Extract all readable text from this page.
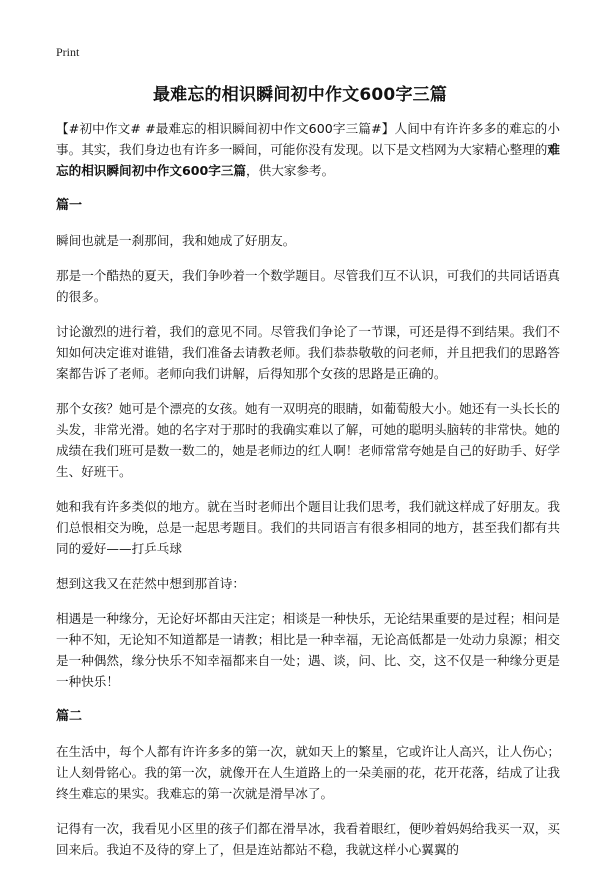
Print
最难忘的相识瞬间初中作文600字三篇

【#初中作文# #最难忘的相识瞬间初中作文600字三篇#】人间中有许许多多的难忘的小事。其实，我们身边也有许多一瞬间，可能你没有发现。以下是文档网为大家精心整理的难忘的相识瞬间初中作文600字三篇，供大家参考。

篇一

瞬间也就是一刹那间，我和她成了好朋友。

那是一个酷热的夏天，我们争吵着一个数学题目。尽管我们互不认识，可我们的共同话语真的很多。

讨论激烈的进行着，我们的意见不同。尽管我们争论了一节课，可还是得不到结果。我们不知如何决定谁对谁错，我们准备去请教老师。我们恭恭敬敬的问老师，并且把我们的思路答案都告诉了老师。老师向我们讲解，后得知那个女孩的思路是正确的。

那个女孩？她可是个漂亮的女孩。她有一双明亮的眼睛，如葡萄般大小。她还有一头长长的头发，非常光滑。她的名字对于那时的我确实难以了解，可她的聪明头脑转的非常快。她的成绩在我们班可是数一数二的，她是老师边的红人啊！老师常常夸她是自己的好助手、好学生、好班干。

她和我有许多类似的地方。就在当时老师出个题目让我们思考，我们就这样成了好朋友。我们总恨相交为晚，总是一起思考题目。我们的共同语言有很多相同的地方，甚至我们都有共同的爱好——打乒乓球

想到这我又在茫然中想到那首诗：

相遇是一种缘分，无论好坏都由天注定；相谈是一种快乐，无论结果重要的是过程；相问是一种不知，无论知不知道都是一请教；相比是一种幸福，无论高低都是一处动力泉源；相交是一种偶然，缘分快乐不知幸福都来自一处；遇、谈，问、比、交，这不仅是一种缘分更是一种快乐！

篇二

在生活中，每个人都有许许多多的第一次，就如天上的繁星，它或许让人高兴，让人伤心；让人刻骨铭心。我的第一次，就像开在人生道路上的一朵美丽的花，花开花落，结成了让我终生难忘的果实。我难忘的第一次就是滑旱冰了。

记得有一次，我看见小区里的孩子们都在滑旱冰，我看着眼红，便吵着妈妈给我买一双，买回来后。我迫不及待的穿上了，但是连站都站不稳，我就这样小心翼翼的
